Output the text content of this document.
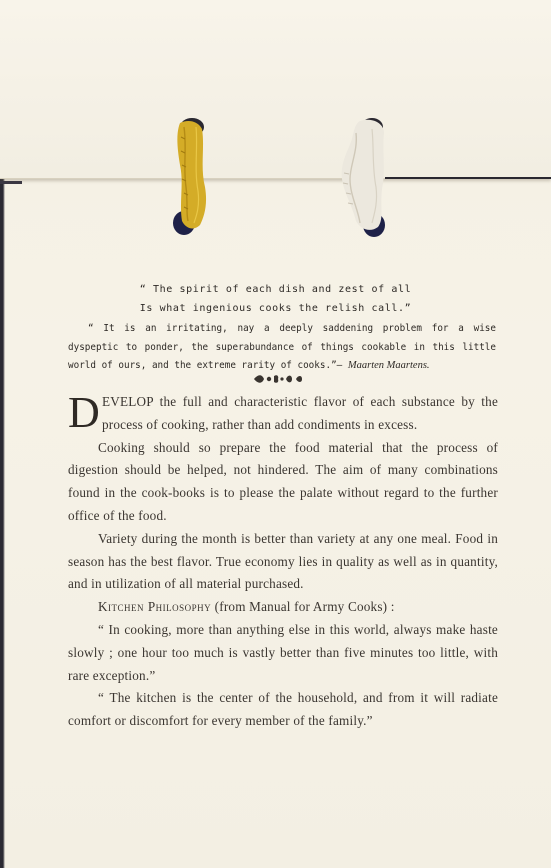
“ The spirit of each dish and zest of all
Is what ingenious cooks the relish call.”
“ It is an irritating, nay a deeply saddening problem for a wise dyspeptic to ponder, the superabundance of things cookable in this little world of ours, and the extreme rarity of cooks.”— Maarten Maartens.

DEVELOP the full and characteristic flavor of each substance by the process of cooking, rather than add condiments in excess.

Cooking should so prepare the food material that the process of digestion should be helped, not hindered. The aim of many combinations found in the cook-books is to please the palate without regard to the further office of the food.

Variety during the month is better than variety at any one meal. Food in season has the best flavor. True economy lies in quality as well as in quantity, and in utilization of all material purchased.

Kitchen Philosophy (from Manual for Army Cooks) :

“ In cooking, more than anything else in this world, always make haste slowly ; one hour too much is vastly better than five minutes too little, with rare exception.”

“ The kitchen is the center of the household, and from it will radiate comfort or discomfort for every member of the family.”
